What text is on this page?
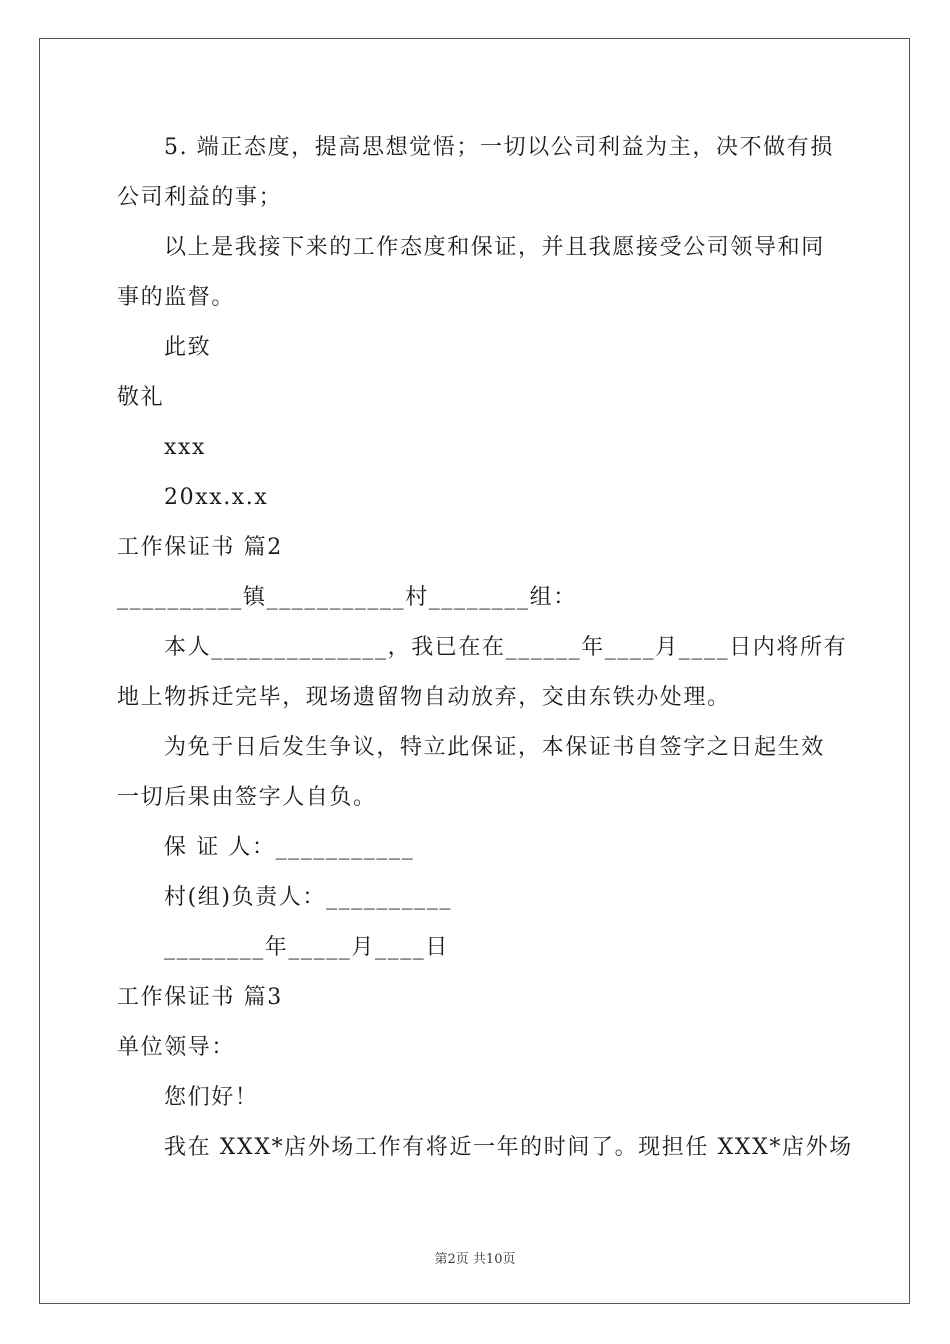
5. 端正态度，提高思想觉悟；一切以公司利益为主，决不做有损
公司利益的事；
以上是我接下来的工作态度和保证，并且我愿接受公司领导和同
事的监督。
此致
敬礼
xxx
20xx.x.x
工作保证书 篇2
__________镇___________村________组：
本人______________，我已在在______年____月____日内将所有
地上物拆迁完毕，现场遗留物自动放弃，交由东铁办处理。
为免于日后发生争议，特立此保证，本保证书自签字之日起生效
一切后果由签字人自负。
保 证 人：___________
村(组)负责人：__________
________年_____月____日
工作保证书 篇3
单位领导：
您们好！
我在 XXX*店外场工作有将近一年的时间了。现担任 XXX*店外场
第2页 共10页
